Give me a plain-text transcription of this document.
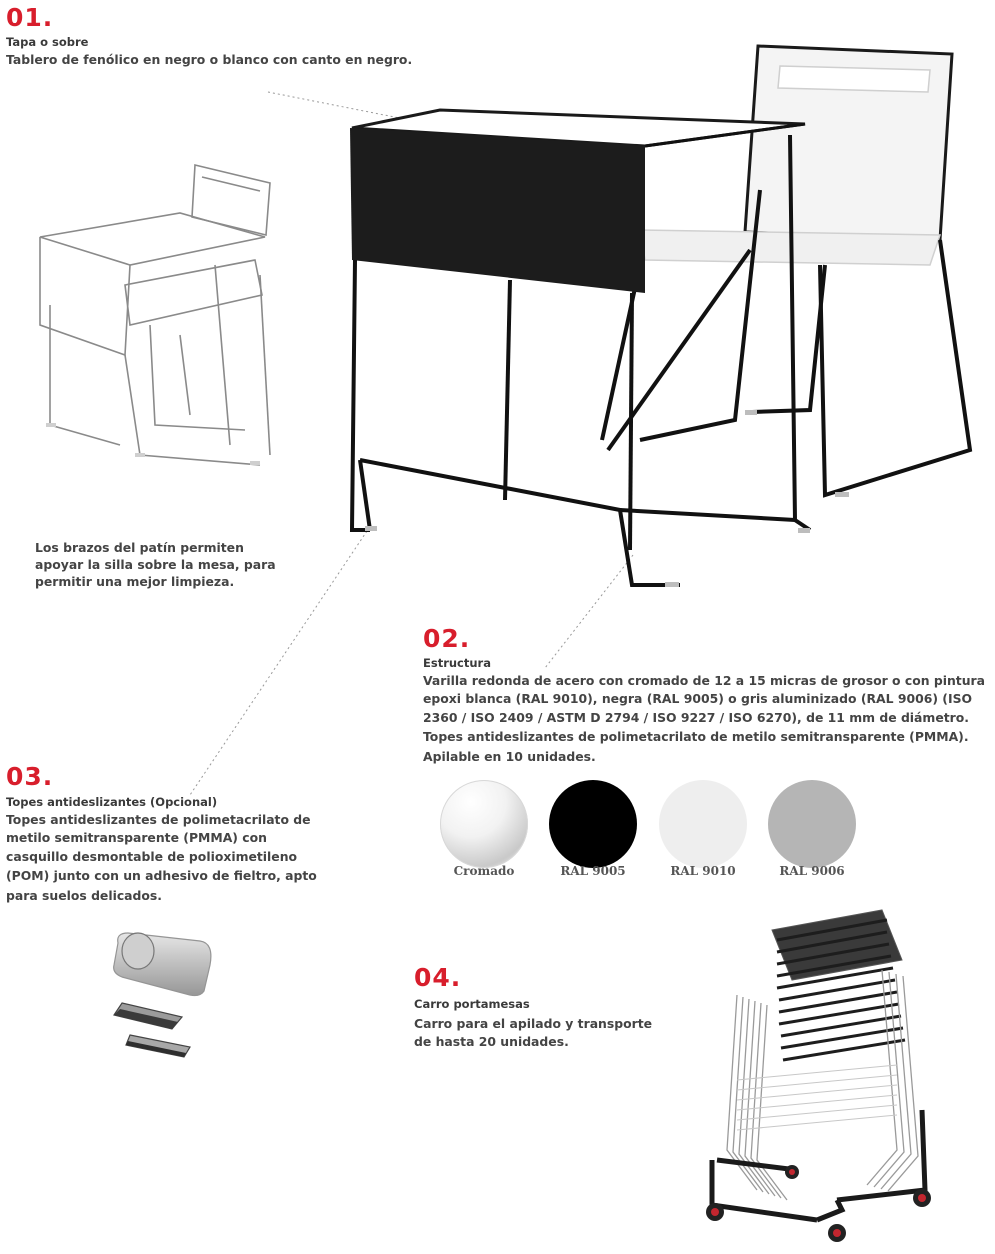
01.
Tapa o sobre
Tablero de fenólico en negro o blanco con canto en negro.
Los brazos del patín permiten
apoyar la silla sobre la mesa, para
permitir una mejor limpieza.
02.
Estructura
Varilla redonda de acero con cromado de 12 a 15 micras de grosor o con pintura
epoxi blanca (RAL 9010), negra (RAL 9005) o gris aluminizado (RAL 9006) (ISO
2360 / ISO 2409 / ASTM D 2794 / ISO 9227 / ISO 6270), de 11 mm de diámetro.
Topes antideslizantes de polimetacrilato de metilo semitransparente (PMMA).
Apilable en 10 unidades.
Cromado	RAL 9005	RAL 9010	RAL 9006
03.
Topes antideslizantes (Opcional)
Topes antideslizantes de polimetacrilato de
metilo semitransparente (PMMA) con
casquillo desmontable de polioximetileno
(POM) junto con un adhesivo de fieltro, apto
para suelos delicados.
04.
Carro portamesas
Carro para el apilado y transporte
de hasta 20 unidades.
